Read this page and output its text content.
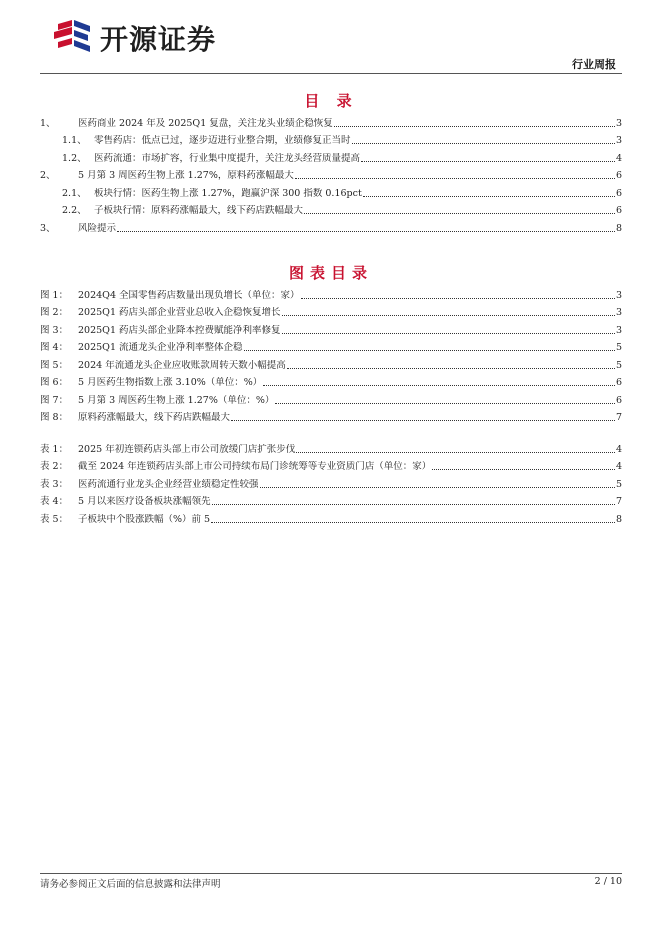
开源证券
行业周报
目 录
1、	医药商业 2024 年及 2025Q1 复盘，关注龙头业绩企稳恢复	3
1.1、 零售药店：低点已过，逐步迈进行业整合期，业绩修复正当时	3
1.2、 医药流通：市场扩容，行业集中度提升，关注龙头经营质量提高	4
2、	5 月第 3 周医药生物上涨 1.27%，原料药涨幅最大	6
2.1、 板块行情：医药生物上涨 1.27%，跑赢沪深 300 指数 0.16pct	6
2.2、 子板块行情：原料药涨幅最大，线下药店跌幅最大	6
3、	风险提示	8
图表目录
图 1：	2024Q4 全国零售药店数量出现负增长（单位：家）	3
图 2：	2025Q1 药店头部企业营业总收入企稳恢复增长	3
图 3：	2025Q1 药店头部企业降本控费赋能净利率修复	3
图 4：	2025Q1 流通龙头企业净利率整体企稳	5
图 5：	2024 年流通龙头企业应收账款周转天数小幅提高	5
图 6：	5 月医药生物指数上涨 3.10%（单位：%）	6
图 7：	5 月第 3 周医药生物上涨 1.27%（单位：%）	6
图 8：	原料药涨幅最大，线下药店跌幅最大	7
表 1：	2025 年初连锁药店头部上市公司放缓门店扩张步伐	4
表 2：	截至 2024 年连锁药店头部上市公司持续布局门诊统筹等专业资质门店（单位：家）	4
表 3：	医药流通行业龙头企业经营业绩稳定性较强	5
表 4：	5 月以来医疗设备板块涨幅领先	7
表 5：	子板块中个股涨跌幅（%）前 5	8
请务必参阅正文后面的信息披露和法律声明	2 / 10
